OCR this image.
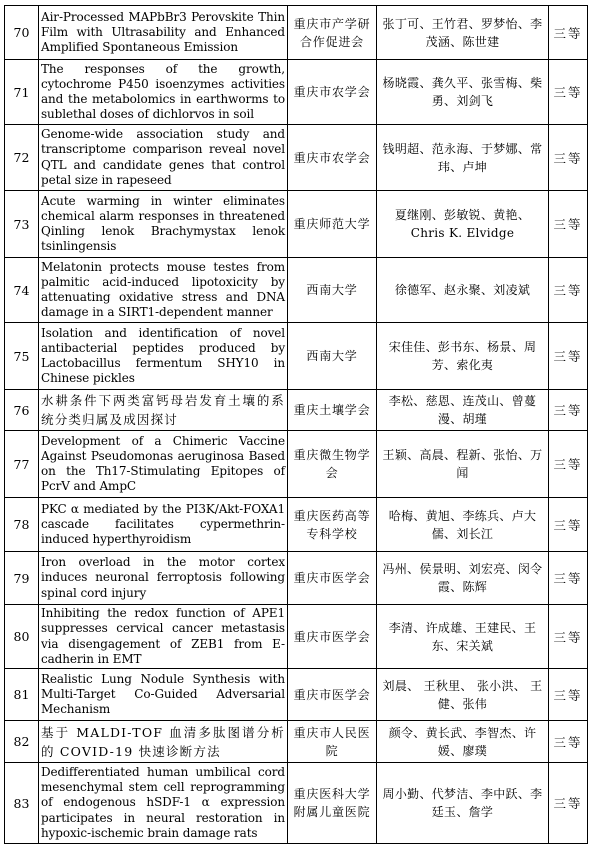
70	Air-Processed MAPbBr3 Perovskite Thin Film with Ultrasability and Enhanced Amplified Spontaneous Emission	重庆市产学研合作促进会	张丁可、王竹君、罗梦怡、李茂涵、陈世建	三等
71	The responses of the growth, cytochrome P450 isoenzymes activities and the metabolomics in earthworms to sublethal doses of dichlorvos in soil	重庆市农学会	杨晓霞、龚久平、张雪梅、柴勇、刘剑飞	三等
72	Genome-wide association study and transcriptome comparison reveal novel QTL and candidate genes that control petal size in rapeseed	重庆市农学会	钱明超、范永海、于梦娜、常玮、卢坤	三等
73	Acute warming in winter eliminates chemical alarm responses in threatened Qinling lenok Brachymystax lenok tsinlingensis	重庆师范大学	夏继刚、彭敏锐、黄艳、Chris K. Elvidge	三等
74	Melatonin protects mouse testes from palmitic acid-induced lipotoxicity by attenuating oxidative stress and DNA damage in a SIRT1-dependent manner	西南大学	徐德军、赵永聚、刘凌斌	三等
75	Isolation and identification of novel antibacterial peptides produced by Lactobacillus fermentum SHY10 in Chinese pickles	西南大学	宋佳佳、彭书东、杨景、周芳、索化夷	三等
76	水耕条件下两类富钙母岩发育土壤的系统分类归属及成因探讨	重庆土壤学会	李松、慈恩、连茂山、曾蔓漫、胡瑾	三等
77	Development of a Chimeric Vaccine Against Pseudomonas aeruginosa Based on the Th17-Stimulating Epitopes of PcrV and AmpC	重庆微生物学会	王颖、高晨、程新、张怡、万闻	三等
78	PKC α mediated by the PI3K/Akt-FOXA1 cascade facilitates cypermethrin-induced hyperthyroidism	重庆医药高等专科学校	哈梅、黄旭、李练兵、卢大儒、刘长江	三等
79	Iron overload in the motor cortex induces neuronal ferroptosis following spinal cord injury	重庆市医学会	冯州、侯景明、刘宏亮、闵令霞、陈辉	三等
80	Inhibiting the redox function of APE1 suppresses cervical cancer metastasis via disengagement of ZEB1 from E-cadherin in EMT	重庆市医学会	李清、许成雄、王建民、王东、宋关斌	三等
81	Realistic Lung Nodule Synthesis with Multi-Target Co-Guided Adversarial Mechanism	重庆市医学会	刘晨、 王秋里、 张小洪、 王健、张伟	三等
82	基于 MALDI-TOF 血清多肽图谱分析的 COVID-19 快速诊断方法	重庆市人民医院	颜令、黄长武、李智杰、许媛、廖璞	三等
83	Dedifferentiated human umbilical cord mesenchymal stem cell reprogramming of endogenous hSDF-1 α expression participates in neural restoration in hypoxic-ischemic brain damage rats	重庆医科大学附属儿童医院	周小勤、代梦洁、李中跃、李廷玉、詹学	三等
